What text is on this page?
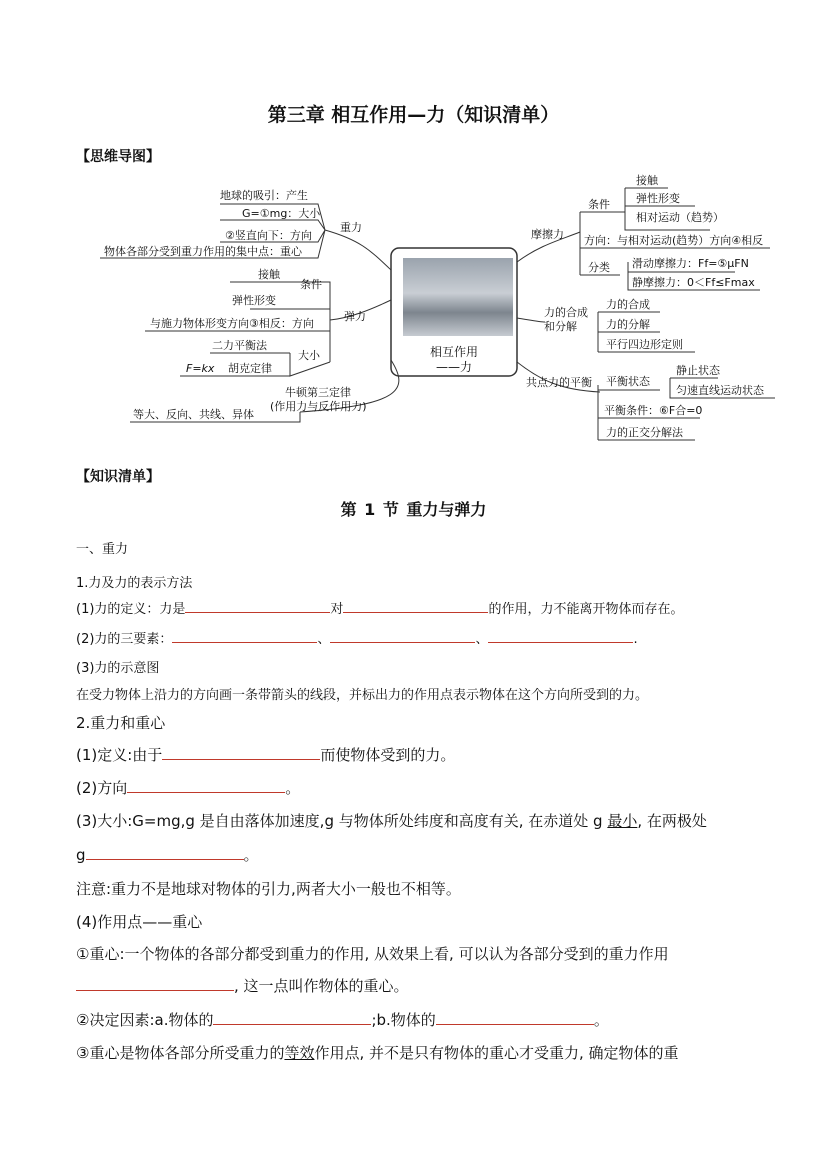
第三章 相互作用—力（知识清单）
【思维导图】
相互作用
——力
重力
地球的吸引：产生
G=①mg：大小
②竖直向下：方向
物体各部分受到重力作用的集中点：重心
弹力
条件
接触
弹性形变
与施力物体形变方向③相反：方向
大小
二力平衡法
胡克定律
F=kx
牛顿第三定律
(作用力与反作用力)
等大、反向、共线、异体
摩擦力
条件
接触
弹性形变
相对运动（趋势）
方向：与相对运动(趋势）方向④相反
分类 滑动摩擦力：Ff=⑤μFN
静摩擦力：0＜Ff≤Fmax
力的合成
和分解
力的合成
力的分解
平行四边形定则
共点力的平衡 平衡状态
静止状态
匀速直线运动状态
平衡条件：⑥F合=0
力的正交分解法
【知识清单】
第 1 节 重力与弹力
一、重力
1.力及力的表示方法
(1)力的定义：力是	对	的作用，力不能离开物体而存在。
(2)力的三要素：	、	、	.
(3)力的示意图
在受力物体上沿力的方向画一条带箭头的线段，并标出力的作用点表示物体在这个方向所受到的力。
2.重力和重心
(1)定义:由于	而使物体受到的力。
(2)方向	。
(3)大小:G=mg,g 是自由落体加速度,g 与物体所处纬度和高度有关, 在赤道处 g 最小, 在两极处
g	。
注意:重力不是地球对物体的引力,两者大小一般也不相等。
(4)作用点——重心
①重心:一个物体的各部分都受到重力的作用, 从效果上看, 可以认为各部分受到的重力作用
, 这一点叫作物体的重心。
②决定因素:a.物体的	;b.物体的	。
③重心是物体各部分所受重力的等效作用点, 并不是只有物体的重心才受重力, 确定物体的重
